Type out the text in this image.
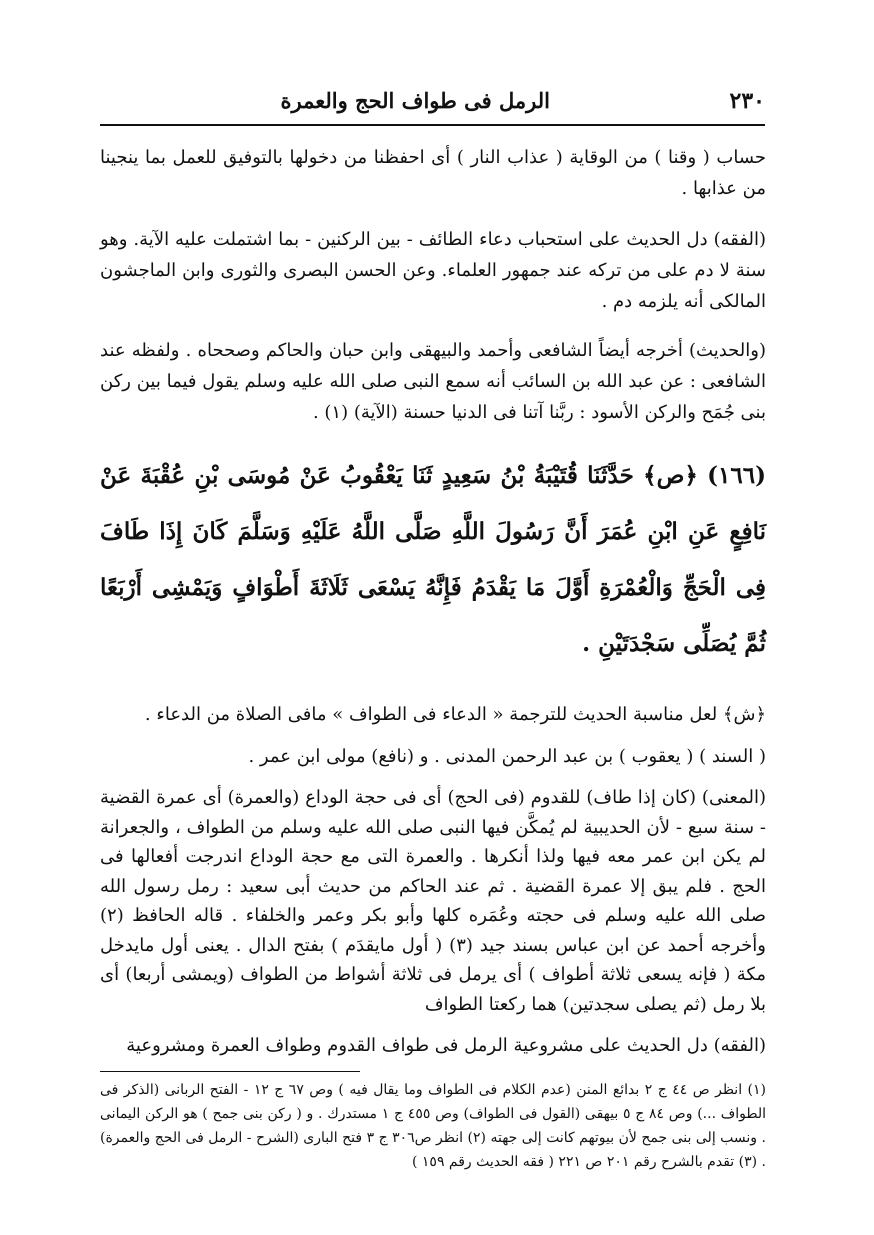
٢٣٠
الرمل فى طواف الحج والعمرة

حساب ( وقنا ) من الوقاية ( عذاب النار ) أى احفظنا من دخولها بالتوفيق للعمل بما ينجينا من عذابها .

(الفقه) دل الحديث على استحباب دعاء الطائف - بين الركنين - بما اشتملت عليه الآية. وهو سنة لا دم على من تركه عند جمهور العلماء. وعن الحسن البصرى والثورى وابن الماجشون المالكى أنه يلزمه دم .

(والحديث) أخرجه أيضاً الشافعى وأحمد والبيهقى وابن حبان والحاكم وصححاه . ولفظه عند الشافعى : عن عبد الله بن السائب أنه سمع النبى صلى الله عليه وسلم يقول فيما بين ركن بنى جُمَح والركن الأسود : ربَّنا آتنا فى الدنيا حسنة (الآية) (١) .

(١٦٦) ﴿ص﴾ حَدَّثَنَا قُتَيْبَةُ بْنُ سَعِيدٍ ثَنَا يَعْقُوبُ عَنْ مُوسَى بْنِ عُقْبَةَ عَنْ نَافِعٍ عَنِ ابْنِ عُمَرَ أَنَّ رَسُولَ اللَّهِ صَلَّى اللَّهُ عَلَيْهِ وَسَلَّمَ كَانَ إِذَا طَافَ فِى الْحَجِّ وَالْعُمْرَةِ أَوَّلَ مَا يَقْدَمُ فَإِنَّهُ يَسْعَى ثَلَاثَةَ أَطْوَافٍ وَيَمْشِى أَرْبَعًا ثُمَّ يُصَلِّى سَجْدَتَيْنِ .

﴿ش﴾ لعل مناسبة الحديث للترجمة « الدعاء فى الطواف » مافى الصلاة من الدعاء .

( السند ) ( يعقوب ) بن عبد الرحمن المدنى . و (نافع) مولى ابن عمر .

(المعنى) (كان إذا طاف) للقدوم (فى الحج) أى فى حجة الوداع (والعمرة) أى عمرة القضية - سنة سبع - لأن الحديبية لم يُمكَّن فيها النبى صلى الله عليه وسلم من الطواف ، والجعرانة لم يكن ابن عمر معه فيها ولذا أنكرها . والعمرة التى مع حجة الوداع اندرجت أفعالها فى الحج . فلم يبق إلا عمرة القضية . ثم عند الحاكم من حديث أبى سعيد : رمل رسول الله صلى الله عليه وسلم فى حجته وعُمَره كلها وأبو بكر وعمر والخلفاء . قاله الحافظ (٢) وأخرجه أحمد عن ابن عباس بسند جيد (٣) ( أول مايقدَم ) بفتح الدال . يعنى أول مايدخل مكة ( فإنه يسعى ثلاثة أطواف ) أى يرمل فى ثلاثة أشواط من الطواف (ويمشى أربعا) أى بلا رمل (ثم يصلى سجدتين) هما ركعتا الطواف

(الفقه) دل الحديث على مشروعية الرمل فى طواف القدوم وطواف العمرة ومشروعية

(١) انظر ص ٤٤ ج ٢ بدائع المنن (عدم الكلام فى الطواف وما يقال فيه ) وص ٦٧ ج ١٢ - الفتح الربانى (الذكر فى الطواف ...) وص ٨٤ ج ٥ بيهقى (القول فى الطواف) وص ٤٥٥ ج ١ مستدرك . و ( ركن بنى جمح ) هو الركن اليمانى . ونسب إلى بنى جمح لأن بيوتهم كانت إلى جهته (٢) انظر ص٣٠٦ ج ٣ فتح البارى (الشرح - الرمل فى الحج والعمرة) . (٣) تقدم بالشرح رقم ٢٠١ ص ٢٢١ ( فقه الحديث رقم ١٥٩ )
